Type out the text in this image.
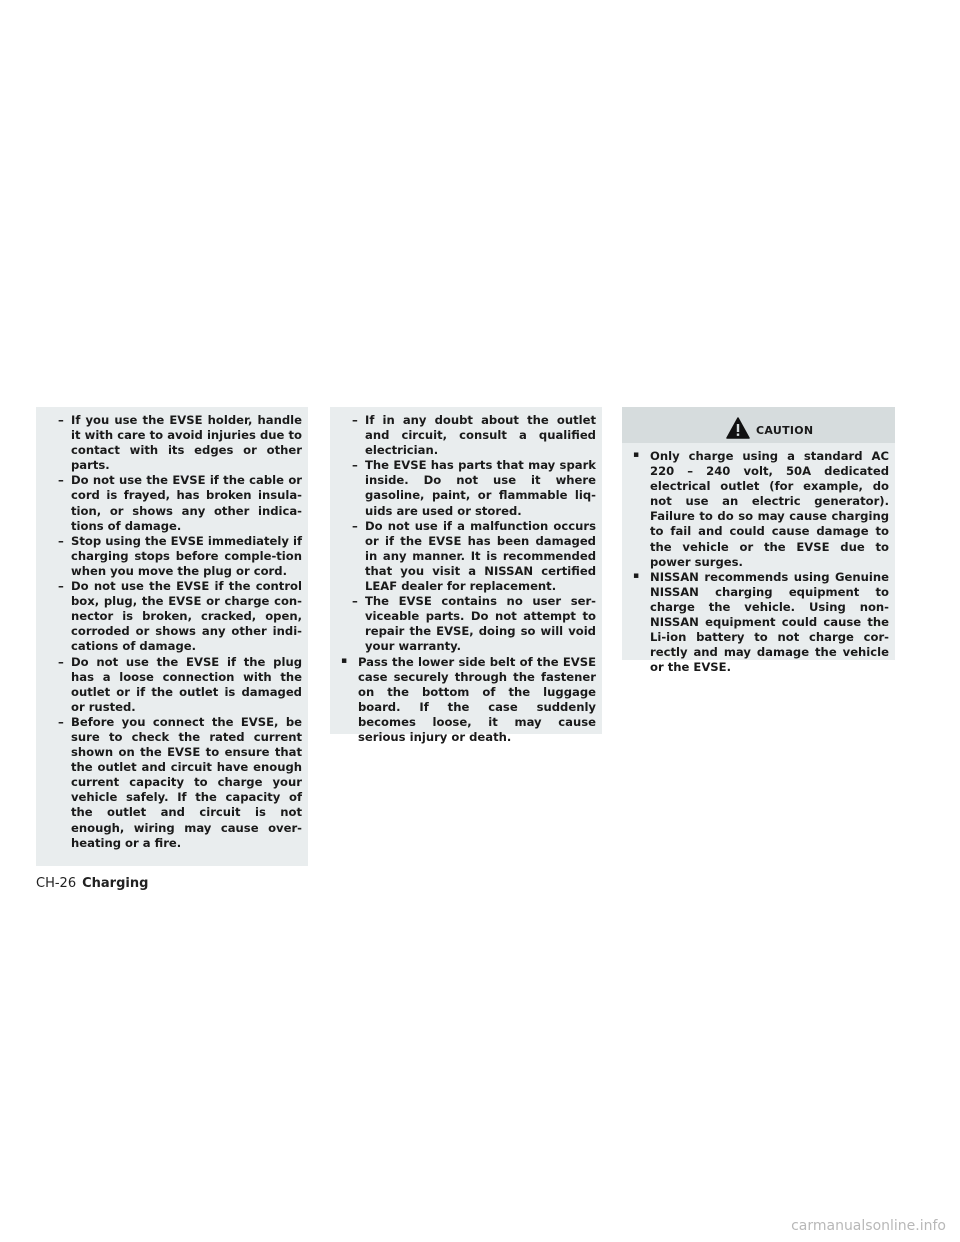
– If you use the EVSE holder, handle it with care to avoid injuries due to contact with its edges or other parts.
– Do not use the EVSE if the cable or cord is frayed, has broken insula-tion, or shows any other indica-tions of damage.
– Stop using the EVSE immediately if charging stops before comple-tion when you move the plug or cord.
– Do not use the EVSE if the control box, plug, the EVSE or charge con-nector is broken, cracked, open, corroded or shows any other indi-cations of damage.
– Do not use the EVSE if the plug has a loose connection with the outlet or if the outlet is damaged or rusted.
– Before you connect the EVSE, be sure to check the rated current shown on the EVSE to ensure that the outlet and circuit have enough current capacity to charge your vehicle safely. If the capacity of the outlet and circuit is not enough, wiring may cause over-heating or a fire.
– If in any doubt about the outlet and circuit, consult a qualified electrician.
– The EVSE has parts that may spark inside. Do not use it where gasoline, paint, or flammable liq-uids are used or stored.
– Do not use if a malfunction occurs or if the EVSE has been damaged in any manner. It is recommended that you visit a NISSAN certified LEAF dealer for replacement.
– The EVSE contains no user ser-viceable parts. Do not attempt to repair the EVSE, doing so will void your warranty.
▪ Pass the lower side belt of the EVSE case securely through the fastener on the bottom of the luggage board. If the case suddenly becomes loose, it may cause serious injury or death.
CAUTION
▪ Only charge using a standard AC 220 – 240 volt, 50A dedicated electrical outlet (for example, do not use an electric generator). Failure to do so may cause charging to fail and could cause damage to the vehicle or the EVSE due to power surges.
▪ NISSAN recommends using Genuine NISSAN charging equipment to charge the vehicle. Using non-NISSAN equipment could cause the Li-ion battery to not charge cor-rectly and may damage the vehicle or the EVSE.
CH-26 Charging
carmanualsonline.info
